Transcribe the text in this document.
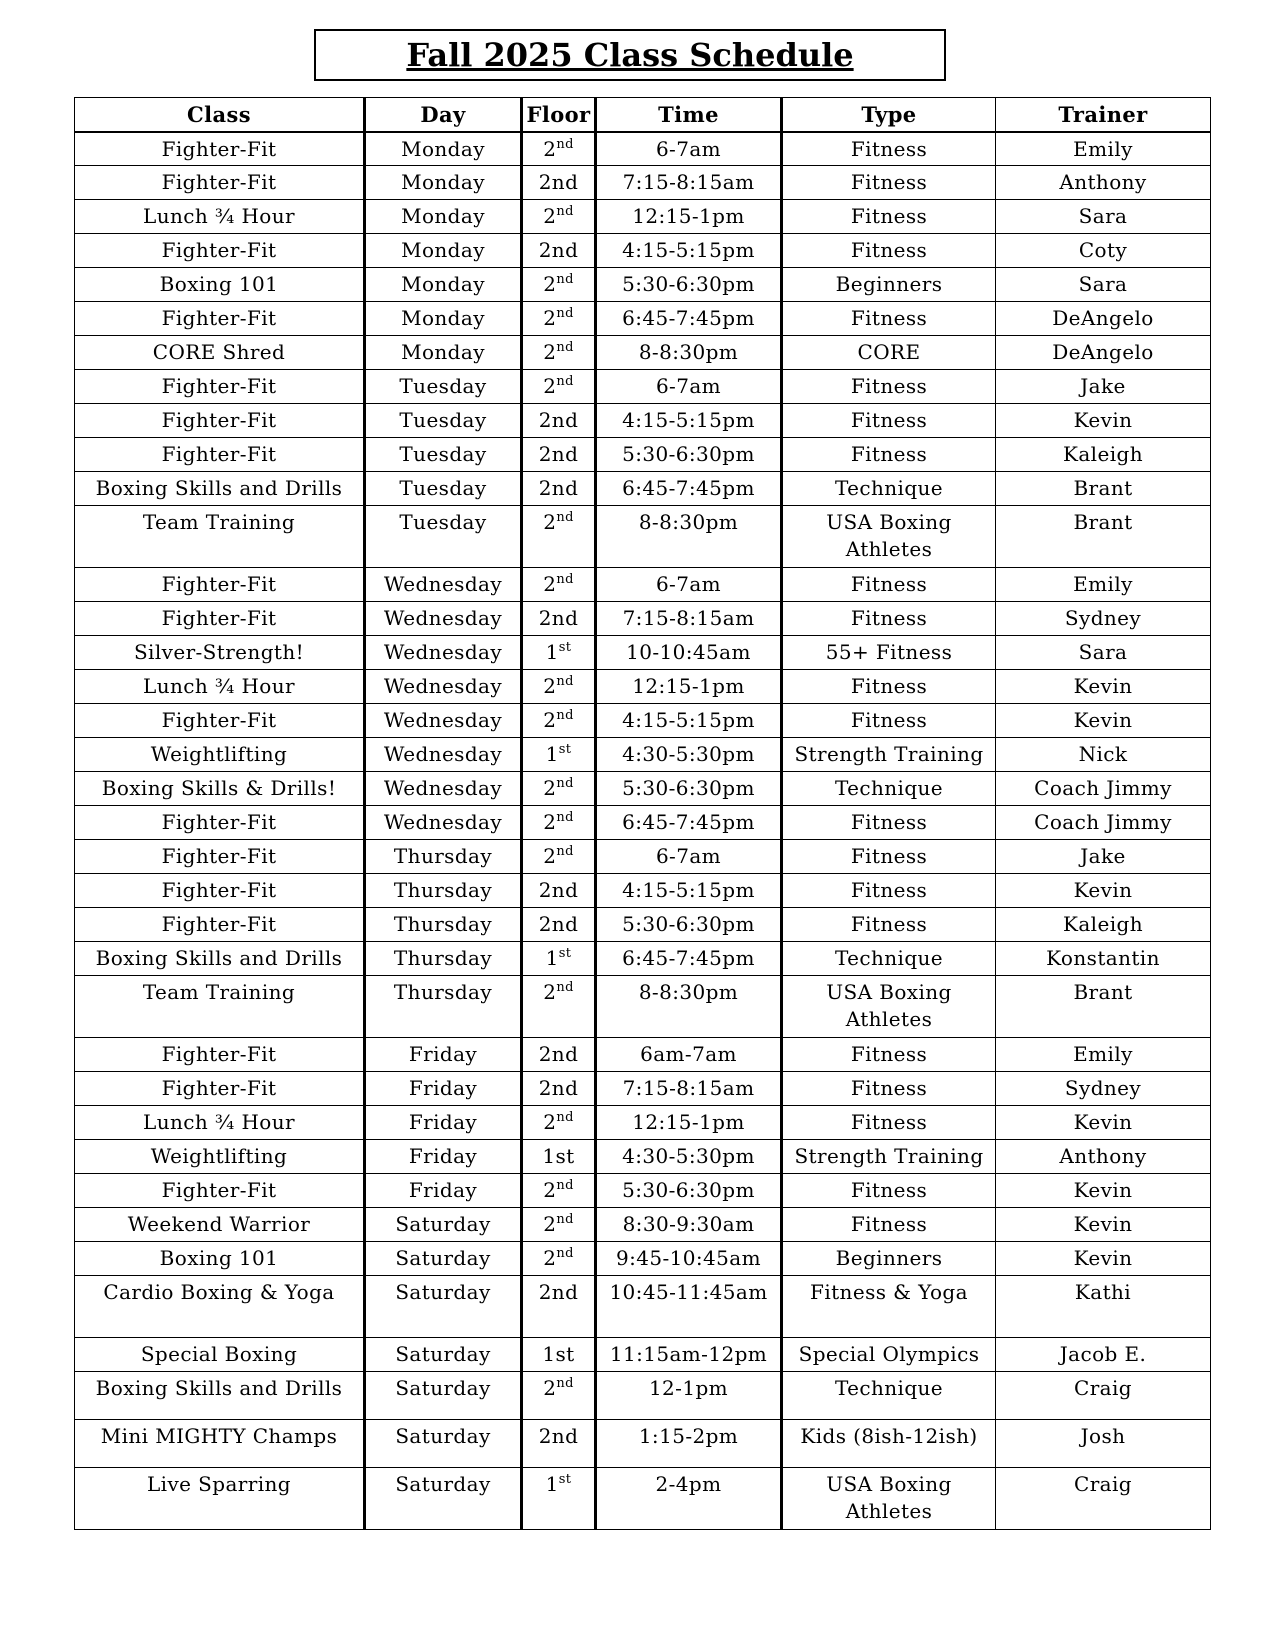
Fall 2025 Class Schedule
Class	Day	Floor	Time	Type	Trainer
Fighter-Fit	Monday	2nd	6-7am	Fitness	Emily
Fighter-Fit	Monday	2nd	7:15-8:15am	Fitness	Anthony
Lunch ¾ Hour	Monday	2nd	12:15-1pm	Fitness	Sara
Fighter-Fit	Monday	2nd	4:15-5:15pm	Fitness	Coty
Boxing 101	Monday	2nd	5:30-6:30pm	Beginners	Sara
Fighter-Fit	Monday	2nd	6:45-7:45pm	Fitness	DeAngelo
CORE Shred	Monday	2nd	8-8:30pm	CORE	DeAngelo
Fighter-Fit	Tuesday	2nd	6-7am	Fitness	Jake
Fighter-Fit	Tuesday	2nd	4:15-5:15pm	Fitness	Kevin
Fighter-Fit	Tuesday	2nd	5:30-6:30pm	Fitness	Kaleigh
Boxing Skills and Drills	Tuesday	2nd	6:45-7:45pm	Technique	Brant
Team Training	Tuesday	2nd	8-8:30pm	USA Boxing Athletes	Brant
Fighter-Fit	Wednesday	2nd	6-7am	Fitness	Emily
Fighter-Fit	Wednesday	2nd	7:15-8:15am	Fitness	Sydney
Silver-Strength!	Wednesday	1st	10-10:45am	55+ Fitness	Sara
Lunch ¾ Hour	Wednesday	2nd	12:15-1pm	Fitness	Kevin
Fighter-Fit	Wednesday	2nd	4:15-5:15pm	Fitness	Kevin
Weightlifting	Wednesday	1st	4:30-5:30pm	Strength Training	Nick
Boxing Skills & Drills!	Wednesday	2nd	5:30-6:30pm	Technique	Coach Jimmy
Fighter-Fit	Wednesday	2nd	6:45-7:45pm	Fitness	Coach Jimmy
Fighter-Fit	Thursday	2nd	6-7am	Fitness	Jake
Fighter-Fit	Thursday	2nd	4:15-5:15pm	Fitness	Kevin
Fighter-Fit	Thursday	2nd	5:30-6:30pm	Fitness	Kaleigh
Boxing Skills and Drills	Thursday	1st	6:45-7:45pm	Technique	Konstantin
Team Training	Thursday	2nd	8-8:30pm	USA Boxing Athletes	Brant
Fighter-Fit	Friday	2nd	6am-7am	Fitness	Emily
Fighter-Fit	Friday	2nd	7:15-8:15am	Fitness	Sydney
Lunch ¾ Hour	Friday	2nd	12:15-1pm	Fitness	Kevin
Weightlifting	Friday	1st	4:30-5:30pm	Strength Training	Anthony
Fighter-Fit	Friday	2nd	5:30-6:30pm	Fitness	Kevin
Weekend Warrior	Saturday	2nd	8:30-9:30am	Fitness	Kevin
Boxing 101	Saturday	2nd	9:45-10:45am	Beginners	Kevin
Cardio Boxing & Yoga	Saturday	2nd	10:45-11:45am	Fitness & Yoga	Kathi
Special Boxing	Saturday	1st	11:15am-12pm	Special Olympics	Jacob E.
Boxing Skills and Drills	Saturday	2nd	12-1pm	Technique	Craig
Mini MIGHTY Champs	Saturday	2nd	1:15-2pm	Kids (8ish-12ish)	Josh
Live Sparring	Saturday	1st	2-4pm	USA Boxing Athletes	Craig
